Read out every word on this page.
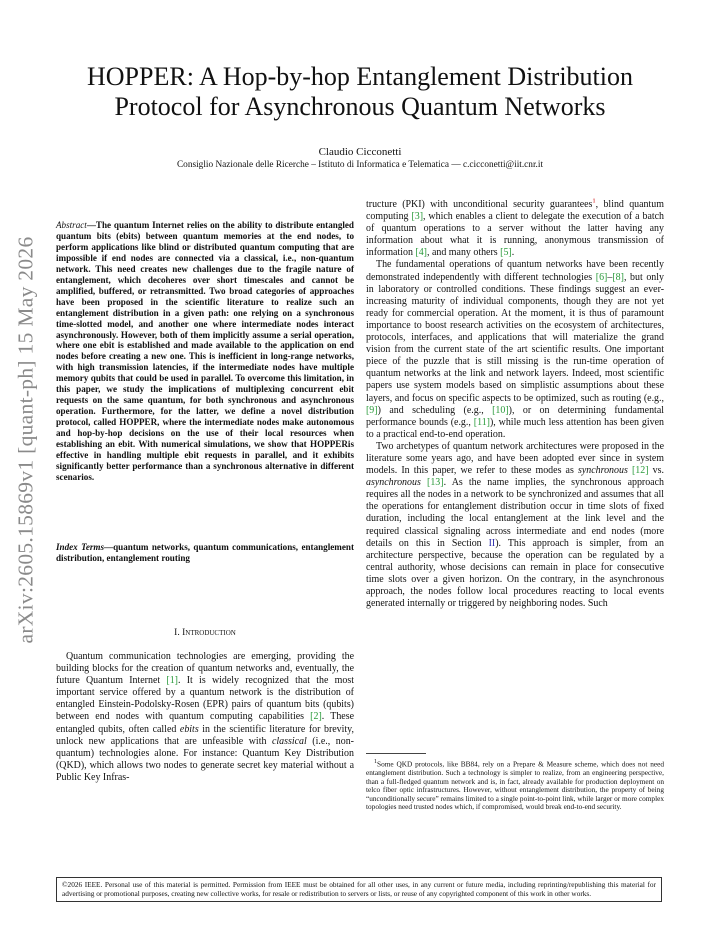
arXiv:2605.15869v1 [quant-ph] 15 May 2026
HOPPER: A Hop-by-hop Entanglement Distribution
Protocol for Asynchronous Quantum Networks
Claudio Cicconetti
Consiglio Nazionale delle Ricerche – Istituto di Informatica e Telematica — c.cicconetti@iit.cnr.it
Abstract—The quantum Internet relies on the ability to distribute entangled quantum bits (ebits) between quantum memories at the end nodes, to perform applications like blind or distributed quantum computing that are impossible if end nodes are connected via a classical, i.e., non-quantum network. This need creates new challenges due to the fragile nature of entanglement, which decoheres over short timescales and cannot be amplified, buffered, or retransmitted. Two broad categories of approaches have been proposed in the scientific literature to realize such an entanglement distribution in a given path: one relying on a synchronous time-slotted model, and another one where intermediate nodes interact asynchronously. However, both of them implicitly assume a serial operation, where one ebit is established and made available to the application on end nodes before creating a new one. This is inefficient in long-range networks, with high transmission latencies, if the intermediate nodes have multiple memory qubits that could be used in parallel. To overcome this limitation, in this paper, we study the implications of multiplexing concurrent ebit requests on the same quantum, for both synchronous and asynchronous operation. Furthermore, for the latter, we define a novel distribution protocol, called HOPPER, where the intermediate nodes make autonomous and hop-by-hop decisions on the use of their local resources when establishing an ebit. With numerical simulations, we show that HOPPERis effective in handling multiple ebit requests in parallel, and it exhibits significantly better performance than a synchronous alternative in different scenarios.
Index Terms—quantum networks, quantum communications, entanglement distribution, entanglement routing
I. Introduction

Quantum communication technologies are emerging, providing the building blocks for the creation of quantum networks and, eventually, the future Quantum Internet [1]. It is widely recognized that the most important service offered by a quantum network is the distribution of entangled Einstein-Podolsky-Rosen (EPR) pairs of quantum bits (qubits) between end nodes with quantum computing capabilities [2]. These entangled qubits, often called ebits in the scientific literature for brevity, unlock new applications that are unfeasible with classical (i.e., non-quantum) technologies alone. For instance: Quantum Key Distribution (QKD), which allows two nodes to generate secret key material without a Public Key Infras-

tructure (PKI) with unconditional security guarantees$^1$, blind quantum computing [3], which enables a client to delegate the execution of a batch of quantum operations to a server without the latter having any information about what it is running, anonymous transmission of information [4], and many others [5].

The fundamental operations of quantum networks have been recently demonstrated independently with different technologies [6]–[8], but only in laboratory or controlled conditions. These findings suggest an ever-increasing maturity of individual components, though they are not yet ready for commercial operation. At the moment, it is thus of paramount importance to boost research activities on the ecosystem of architectures, protocols, interfaces, and applications that will materialize the grand vision from the current state of the art scientific results. One important piece of the puzzle that is still missing is the run-time operation of quantum networks at the link and network layers. Indeed, most scientific papers use system models based on simplistic assumptions about these layers, and focus on specific aspects to be optimized, such as routing (e.g., [9]) and scheduling (e.g., [10]), or on determining fundamental performance bounds (e.g., [11]), while much less attention has been given to a practical end-to-end operation.

Two archetypes of quantum network architectures were proposed in the literature some years ago, and have been adopted ever since in system models. In this paper, we refer to these modes as synchronous [12] vs. asynchronous [13]. As the name implies, the synchronous approach requires all the nodes in a network to be synchronized and assumes that all the operations for entanglement distribution occur in time slots of fixed duration, including the local entanglement at the link level and the required classical signaling across intermediate and end nodes (more details on this in Section II). This approach is simpler, from an architecture perspective, because the operation can be regulated by a central authority, whose decisions can remain in place for consecutive time slots over a given horizon. On the contrary, in the asynchronous approach, the nodes follow local procedures reacting to local events generated internally or triggered by neighboring nodes. Such

$^1$Some QKD protocols, like BB84, rely on a Prepare & Measure scheme, which does not need entanglement distribution. Such a technology is simpler to realize, from an engineering perspective, than a full-fledged quantum network and is, in fact, already available for production deployment on telco fiber optic infrastructures. However, without entanglement distribution, the property of being “unconditionally secure” remains limited to a single point-to-point link, while larger or more complex topologies need trusted nodes which, if compromised, would break end-to-end security.

©2026 IEEE. Personal use of this material is permitted. Permission from IEEE must be obtained for all other uses, in any current or future media, including reprinting/republishing this material for advertising or promotional purposes, creating new collective works, for resale or redistribution to servers or lists, or reuse of any copyrighted component of this work in other works.
